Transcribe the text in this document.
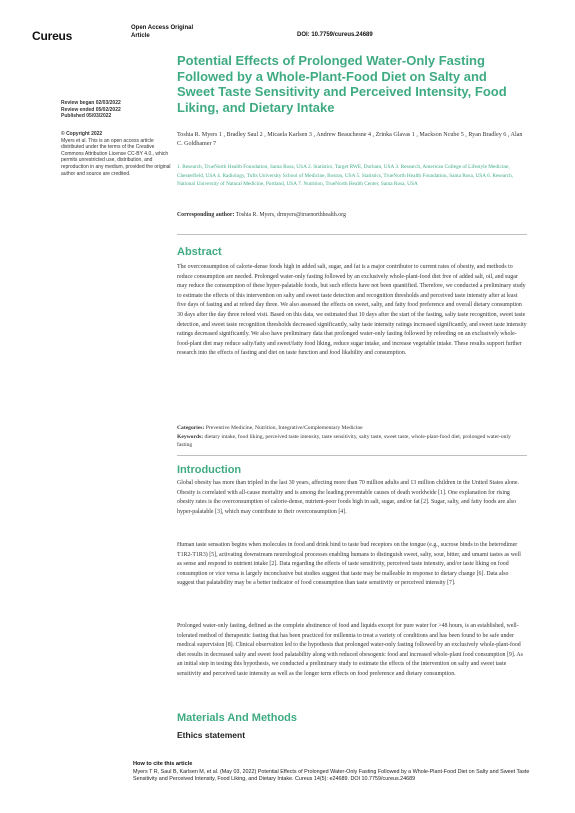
Cureus
Open Access Original
Article	DOI: 10.7759/cureus.24689
Review began 02/03/2022
Review ended 05/02/2022
Published 05/03/2022
© Copyright 2022
Myers et al. This is an open access article distributed under the terms of the Creative Commons Attribution License CC-BY 4.0., which permits unrestricted use, distribution, and reproduction in any medium, provided the original author and source are credited.
Potential Effects of Prolonged Water-Only Fasting Followed by a Whole-Plant-Food Diet on Salty and Sweet Taste Sensitivity and Perceived Intensity, Food Liking, and Dietary Intake
Toshia R. Myers 1 , Bradley Saul 2 , Micaela Karlsen 3 , Andrew Beauchesne 4 , Zrinka Glavas 1 , Mackson Ncube 5 , Ryan Bradley 6 , Alan C. Goldhamer 7
1. Research, TrueNorth Health Foundation, Santa Rosa, USA 2. Statistics, Target RWE, Durham, USA 3. Research, American College of Lifestyle Medicine, Chesterfield, USA 4. Radiology, Tufts University School of Medicine, Boston, USA 5. Statistics, TrueNorth Health Foundation, Santa Rosa, USA 6. Research, National University of Natural Medicine, Portland, USA 7. Nutrition, TrueNorth Health Center, Santa Rosa, USA
Corresponding author: Toshia R. Myers, drmyers@truenorthhealth.org
Abstract
The overconsumption of calorie-dense foods high in added salt, sugar, and fat is a major contributor to current rates of obesity, and methods to reduce consumption are needed. Prolonged water-only fasting followed by an exclusively whole-plant-food diet free of added salt, oil, and sugar may reduce the consumption of these hyper-palatable foods, but such effects have not been quantified. Therefore, we conducted a preliminary study to estimate the effects of this intervention on salty and sweet taste detection and recognition thresholds and perceived taste intensity after at least five days of fasting and at refeed day three. We also assessed the effects on sweet, salty, and fatty food preference and overall dietary consumption 30 days after the day three refeed visit. Based on this data, we estimated that 10 days after the start of the fasting, salty taste recognition, sweet taste detection, and sweet taste recognition thresholds decreased significantly, salty taste intensity ratings increased significantly, and sweet taste intensity ratings decreased significantly. We also have preliminary data that prolonged water-only fasting followed by refeeding on an exclusively whole-food-plant diet may reduce salty/fatty and sweet/fatty food liking, reduce sugar intake, and increase vegetable intake. These results support further research into the effects of fasting and diet on taste function and food likability and consumption.
Categories: Preventive Medicine, Nutrition, Integrative/Complementary Medicine
Keywords: dietary intake, food liking, perceived taste intensity, taste sensitivity, salty taste, sweet taste, whole-plant-food diet, prolonged water-only fasting
Introduction
Global obesity has more than tripled in the last 30 years, affecting more than 70 million adults and 13 million children in the United States alone. Obesity is correlated with all-cause mortality and is among the leading preventable causes of death worldwide [1]. One explanation for rising obesity rates is the overconsumption of calorie-dense, nutrient-poor foods high in salt, sugar, and/or fat [2]. Sugar, salty, and fatty foods are also hyper-palatable [3], which may contribute to their overconsumption [4].
Human taste sensation begins when molecules in food and drink bind to taste bud receptors on the tongue (e.g., sucrose binds to the heterodimer T1R2-T1R3) [5], activating downstream neurological processes enabling humans to distinguish sweet, salty, sour, bitter, and umami tastes as well as sense and respond to nutrient intake [2]. Data regarding the effects of taste sensitivity, perceived taste intensity, and/or taste liking on food consumption or vice versa is largely inconclusive but studies suggest that taste may be malleable in response to dietary change [6]. Data also suggest that palatability may be a better indicator of food consumption than taste sensitivity or perceived intensity [7].
Prolonged water-only fasting, defined as the complete abstinence of food and liquids except for pure water for >48 hours, is an established, well-tolerated method of therapeutic fasting that has been practiced for millennia to treat a variety of conditions and has been found to be safe under medical supervision [8]. Clinical observation led to the hypothesis that prolonged water-only fasting followed by an exclusively whole-plant-food diet results in decreased salty and sweet food palatability along with reduced obesogenic food and increased whole-plant food consumption [9]. As an initial step in testing this hypothesis, we conducted a preliminary study to estimate the effects of the intervention on salty and sweet taste sensitivity and perceived taste intensity as well as the longer term effects on food preference and dietary consumption.
Materials And Methods
Ethics statement
How to cite this article
Myers T R, Saul B, Karlsen M, et al. (May 03, 2022) Potential Effects of Prolonged Water-Only Fasting Followed by a Whole-Plant-Food Diet on Salty and Sweet Taste Sensitivity and Perceived Intensity, Food Liking, and Dietary Intake. Cureus 14(5): e24689. DOI 10.7759/cureus.24689
